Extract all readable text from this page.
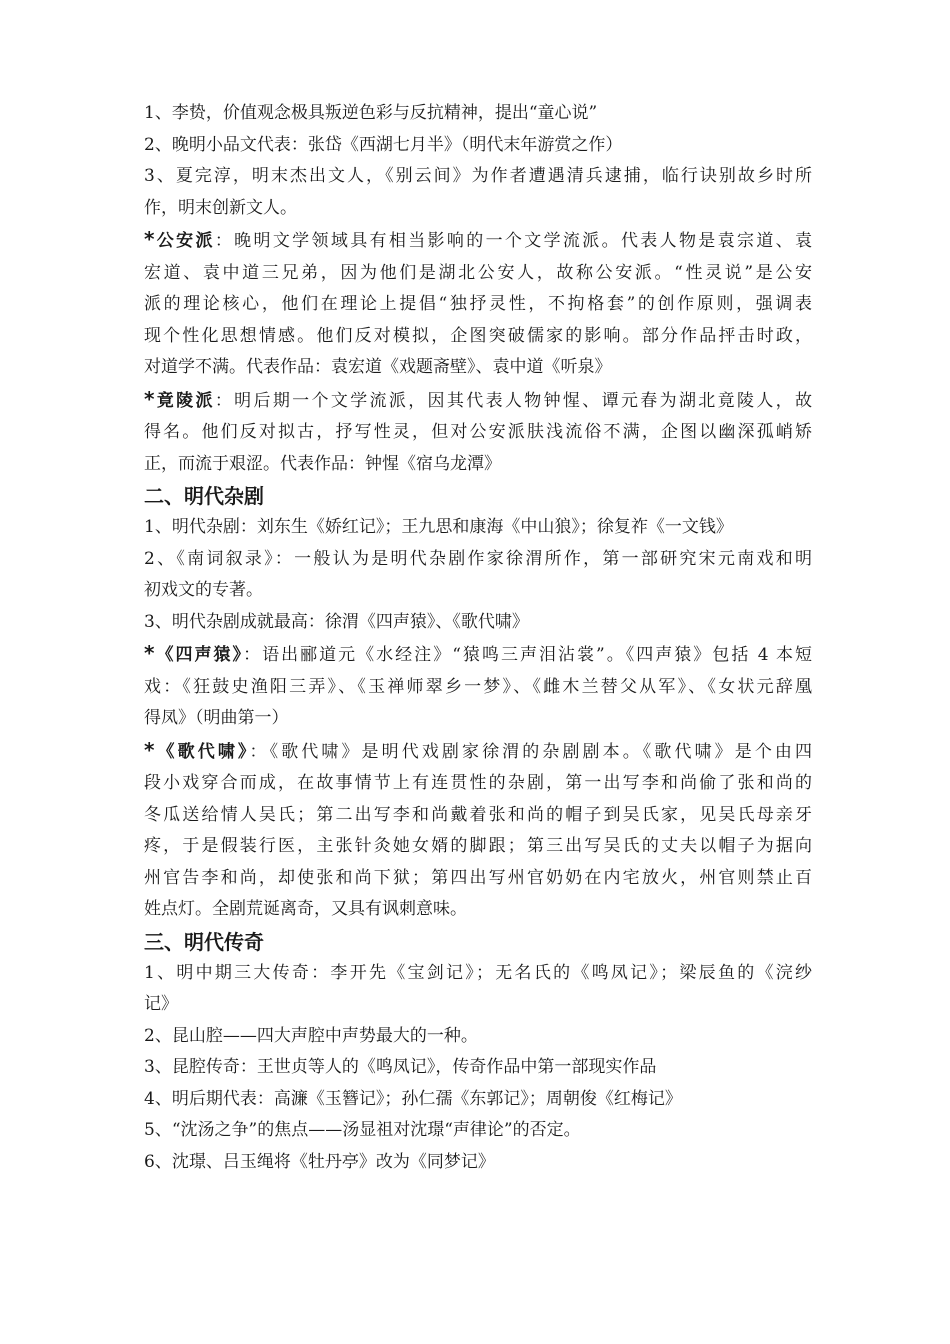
1、李贽，价值观念极具叛逆色彩与反抗精神，提出“童心说”

2、晚明小品文代表：张岱《西湖七月半》（明代末年游赏之作）

3、夏完淳，明末杰出文人，《别云间》为作者遭遇清兵逮捕，临行诀别故乡时所

作，明末创新文人。

*公安派：晚明文学领域具有相当影响的一个文学流派。代表人物是袁宗道、袁

宏道、袁中道三兄弟，因为他们是湖北公安人，故称公安派。“性灵说”是公安

派的理论核心，他们在理论上提倡“独抒灵性，不拘格套”的创作原则，强调表

现个性化思想情感。他们反对模拟，企图突破儒家的影响。部分作品抨击时政，

对道学不满。代表作品：袁宏道《戏题斋壁》、袁中道《听泉》

*竟陵派：明后期一个文学流派，因其代表人物钟惺、谭元春为湖北竟陵人，故

得名。他们反对拟古，抒写性灵，但对公安派肤浅流俗不满，企图以幽深孤峭矫

正，而流于艰涩。代表作品：钟惺《宿乌龙潭》

二、明代杂剧

1、明代杂剧：刘东生《娇红记》；王九思和康海《中山狼》；徐复祚《一文钱》

2、《南词叙录》：一般认为是明代杂剧作家徐渭所作，第一部研究宋元南戏和明

初戏文的专著。

3、明代杂剧成就最高：徐渭《四声猿》、《歌代啸》

*《四声猿》：语出郦道元《水经注》“猿鸣三声泪沾裳”。《四声猿》包括 4 本短

戏：《狂鼓史渔阳三弄》、《玉禅师翠乡一梦》、《雌木兰替父从军》、《女状元辞凰

得凤》（明曲第一）

*《歌代啸》：《歌代啸》是明代戏剧家徐渭的杂剧剧本。《歌代啸》是个由四

段小戏穿合而成，在故事情节上有连贯性的杂剧，第一出写李和尚偷了张和尚的

冬瓜送给情人吴氏；第二出写李和尚戴着张和尚的帽子到吴氏家，见吴氏母亲牙

疼，于是假装行医，主张针灸她女婿的脚跟；第三出写吴氏的丈夫以帽子为据向

州官告李和尚，却使张和尚下狱；第四出写州官奶奶在内宅放火，州官则禁止百

姓点灯。全剧荒诞离奇，又具有讽刺意味。

三、明代传奇

1、明中期三大传奇：李开先《宝剑记》；无名氏的《鸣凤记》；梁辰鱼的《浣纱

记》

2、昆山腔——四大声腔中声势最大的一种。

3、昆腔传奇：王世贞等人的《鸣凤记》，传奇作品中第一部现实作品

4、明后期代表：高濂《玉簪记》；孙仁孺《东郭记》；周朝俊《红梅记》

5、“沈汤之争”的焦点——汤显祖对沈璟“声律论”的否定。

6、沈璟、吕玉绳将《牡丹亭》改为《同梦记》
